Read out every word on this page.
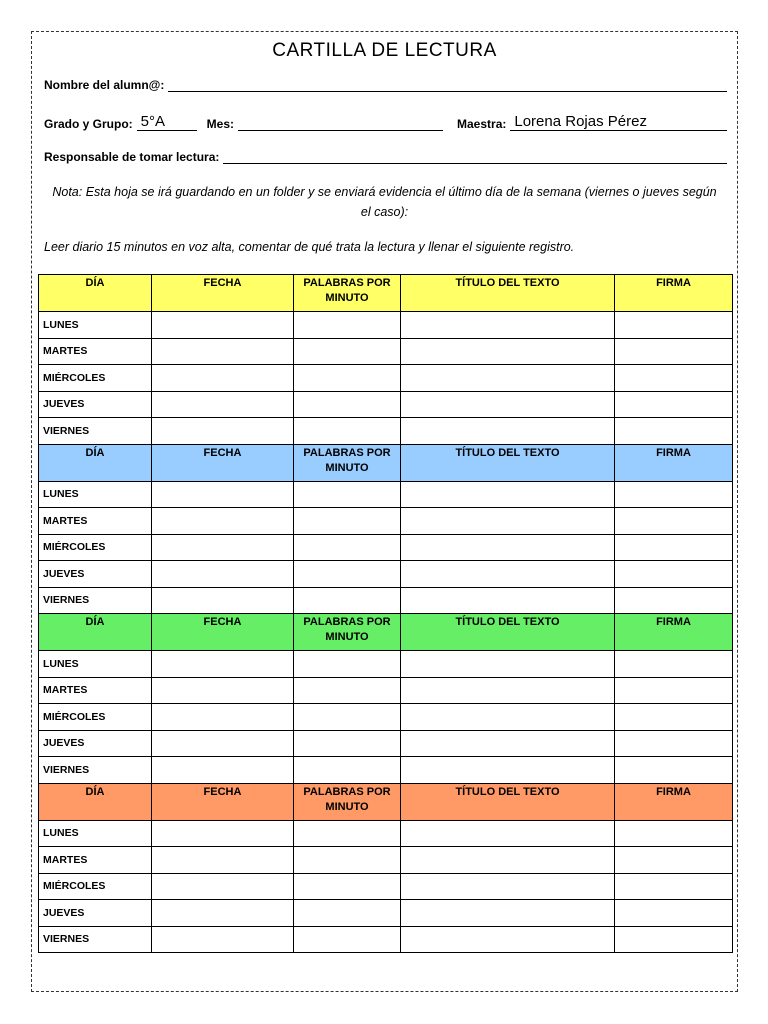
CARTILLA DE LECTURA
Nombre del alumn@:
Grado y Grupo: 5°A	Mes:	Maestra: Lorena Rojas Pérez
Responsable de tomar lectura:
Nota: Esta hoja se irá guardando en un folder y se enviará evidencia el último día de la semana (viernes o jueves según el caso):
Leer diario 15 minutos en voz alta, comentar de qué trata la lectura y llenar el siguiente registro.
DÍA	FECHA	PALABRAS POR MINUTO	TÍTULO DEL TEXTO	FIRMA
LUNES				
MARTES				
MIÉRCOLES				
JUEVES				
VIERNES				
DÍA	FECHA	PALABRAS POR MINUTO	TÍTULO DEL TEXTO	FIRMA
LUNES				
MARTES				
MIÉRCOLES				
JUEVES				
VIERNES				
DÍA	FECHA	PALABRAS POR MINUTO	TÍTULO DEL TEXTO	FIRMA
LUNES				
MARTES				
MIÉRCOLES				
JUEVES				
VIERNES				
DÍA	FECHA	PALABRAS POR MINUTO	TÍTULO DEL TEXTO	FIRMA
LUNES				
MARTES				
MIÉRCOLES				
JUEVES				
VIERNES				
